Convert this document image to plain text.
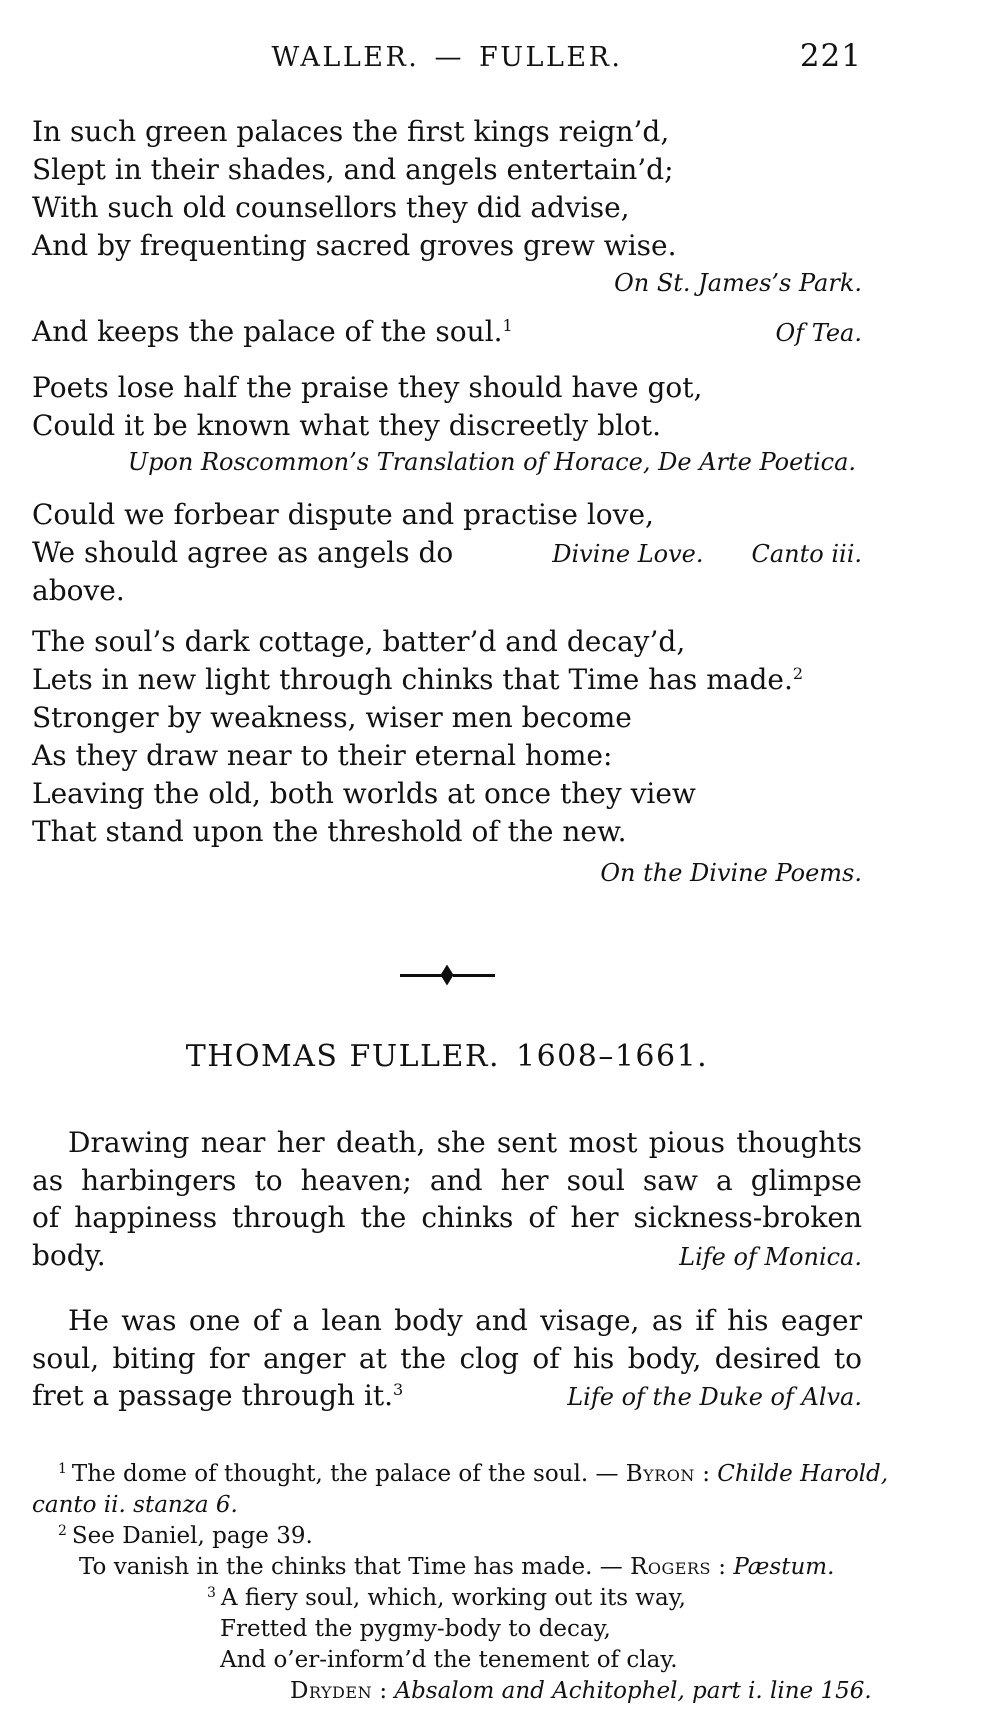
WALLER. — FULLER.	221
In such green palaces the first kings reign’d,
Slept in their shades, and angels entertain’d;
With such old counsellors they did advise,
And by frequenting sacred groves grew wise.
On St. James’s Park.
And keeps the palace of the soul.$^1$	Of Tea.
Poets lose half the praise they should have got,
Could it be known what they discreetly blot.
Upon Roscommon’s Translation of Horace, De Arte Poetica.
Could we forbear dispute and practise love,
We should agree as angels do above.
Divine Love. Canto iii.
The soul’s dark cottage, batter’d and decay’d,
Lets in new light through chinks that Time has made.$^2$
Stronger by weakness, wiser men become
As they draw near to their eternal home:
Leaving the old, both worlds at once they view
That stand upon the threshold of the new.
On the Divine Poems.
THOMAS FULLER. 1608–1661.
Drawing near her death, she sent most pious thoughts
as harbingers to heaven; and her soul saw a glimpse
of happiness through the chinks of her sickness-broken
body.	Life of Monica.
He was one of a lean body and visage, as if his eager
soul, biting for anger at the clog of his body, desired to
fret a passage through it.$^3$	Life of the Duke of Alva.
$^1$ The dome of thought, the palace of the soul. — Byron : Childe Harold,
canto ii. stanza 6.
$^2$ See Daniel, page 39.
To vanish in the chinks that Time has made. — Rogers : Pæstum.
$^3$ A fiery soul, which, working out its way,
Fretted the pygmy-body to decay,
And o’er-inform’d the tenement of clay.
Dryden : Absalom and Achitophel, part i. line 156.
